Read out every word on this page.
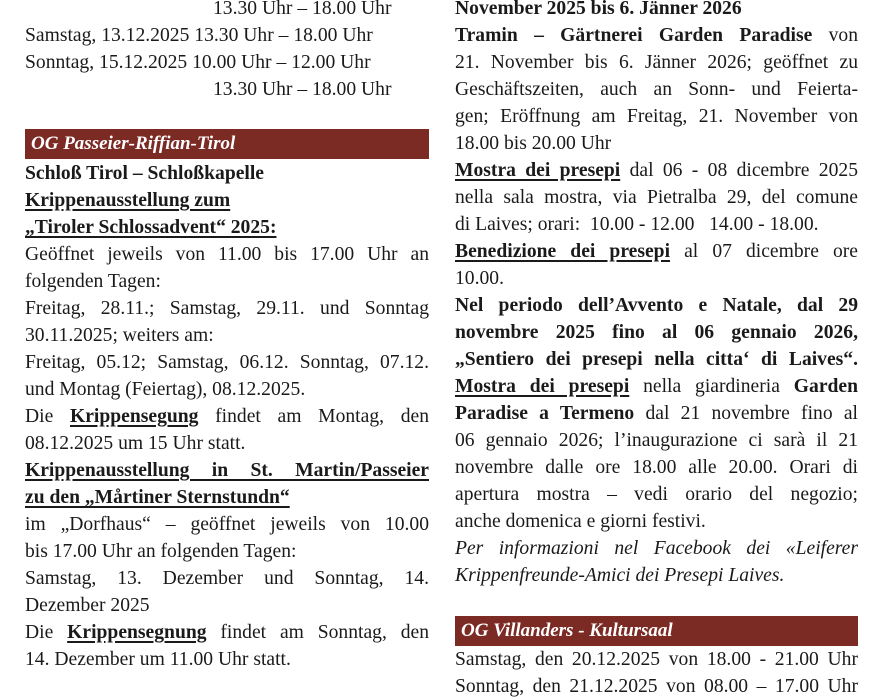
13.30 Uhr – 18.00 Uhr
Samstag, 13.12.2025 13.30 Uhr – 18.00 Uhr
Sonntag, 15.12.2025 10.00 Uhr – 12.00 Uhr
13.30 Uhr – 18.00 Uhr
OG Passeier-Riffian-Tirol
Schloß Tirol – Schloßkapelle
Krippenausstellung zum
„Tiroler Schlossadvent“ 2025:
Geöffnet jeweils von 11.00 bis 17.00 Uhr an
folgenden Tagen:
Freitag, 28.11.; Samstag, 29.11. und Sonntag
30.11.2025; weiters am:
Freitag, 05.12; Samstag, 06.12. Sonntag, 07.12.
und Montag (Feiertag), 08.12.2025.
Die Krippensegung findet am Montag, den
08.12.2025 um 15 Uhr statt.
Krippenausstellung in St. Martin/Passeier
zu den „Mårtiner Sternstundn“
im „Dorfhaus“ – geöffnet jeweils von 10.00
bis 17.00 Uhr an folgenden Tagen:
Samstag, 13. Dezember und Sonntag, 14.
Dezember 2025
Die Krippensegnung findet am Sonntag, den
14. Dezember um 11.00 Uhr statt.
November 2025 bis 6. Jänner 2026
Tramin – Gärtnerei Garden Paradise von
21. November bis 6. Jänner 2026; geöffnet zu
Geschäftszeiten, auch an Sonn- und Feierta-
gen; Eröffnung am Freitag, 21. November von
18.00 bis 20.00 Uhr
Mostra dei presepi dal 06 - 08 dicembre 2025
nella sala mostra, via Pietralba 29, del comune
di Laives; orari:  10.00 - 12.00   14.00 - 18.00.
Benedizione dei presepi al 07 dicembre ore
10.00.
Nel periodo dell’Avvento e Natale, dal 29
novembre 2025 fino al 06 gennaio 2026,
„Sentiero dei presepi nella citta‘ di Laives“.
Mostra dei presepi nella giardineria Garden
Paradise a Termeno dal 21 novembre fino al
06 gennaio 2026; l’inaugurazione ci sarà il 21
novembre dalle ore 18.00 alle 20.00. Orari di
apertura mostra – vedi orario del negozio;
anche domenica e giorni festivi.
Per informazioni nel Facebook dei «Leiferer
Krippenfreunde-Amici dei Presepi Laives.
OG Villanders - Kultursaal
Samstag, den 20.12.2025 von 18.00 - 21.00 Uhr
Sonntag, den 21.12.2025 von 08.00 – 17.00 Uhr
